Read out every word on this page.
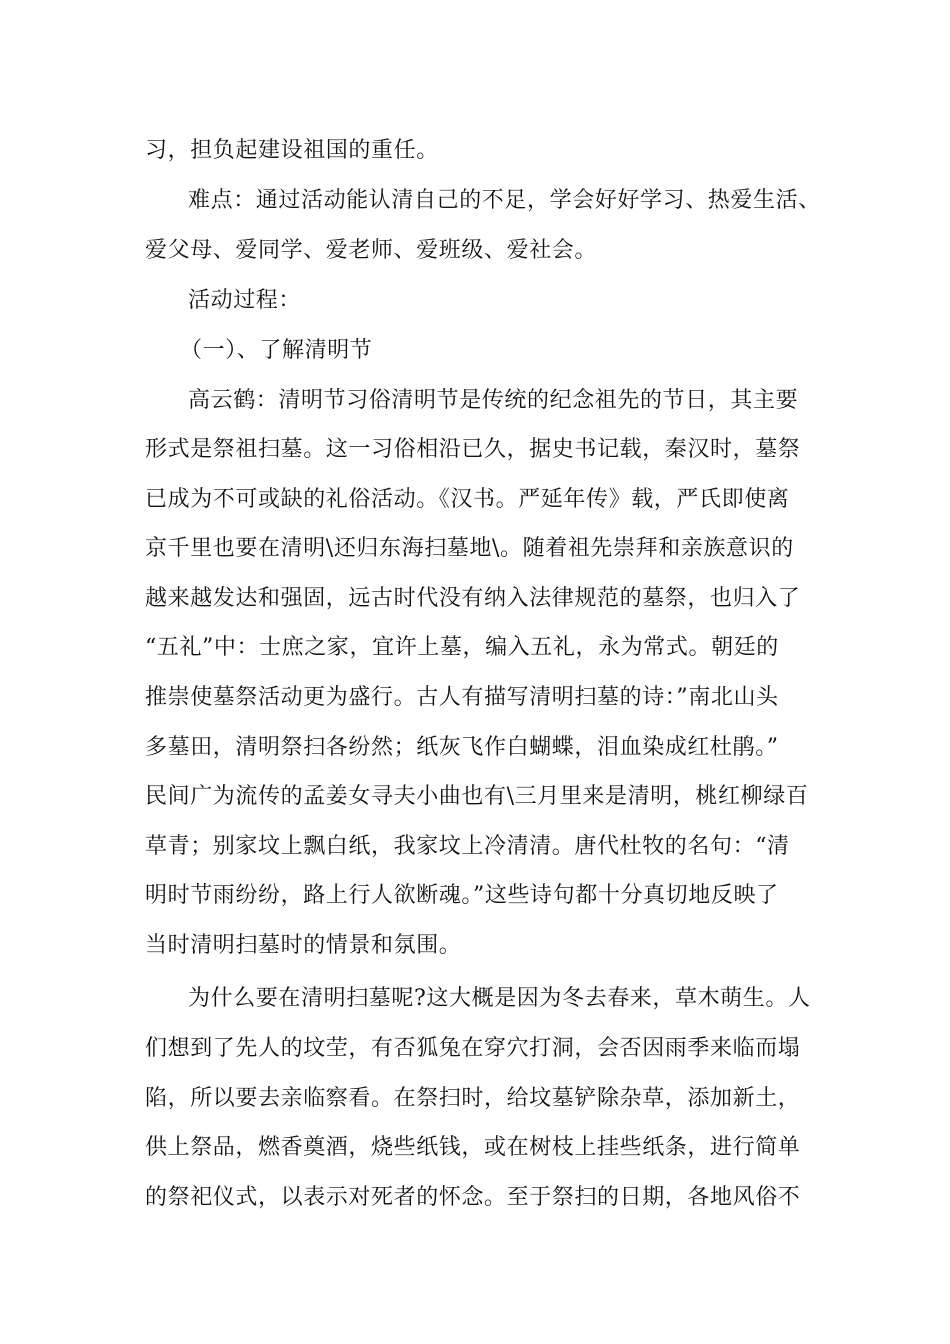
习，担负起建设祖国的重任。
难点：通过活动能认清自己的不足，学会好好学习、热爱生活、
爱父母、爱同学、爱老师、爱班级、爱社会。
活动过程：
（一）、了解清明节
高云鹤：清明节习俗清明节是传统的纪念祖先的节日，其主要
形式是祭祖扫墓。这一习俗相沿已久，据史书记载，秦汉时，墓祭
已成为不可或缺的礼俗活动。《汉书。严延年传》载，严氏即使离
京千里也要在清明\还归东海扫墓地\。随着祖先崇拜和亲族意识的
越来越发达和强固，远古时代没有纳入法律规范的墓祭，也归入了
“五礼”中：士庶之家，宜许上墓，编入五礼，永为常式。朝廷的
推崇使墓祭活动更为盛行。古人有描写清明扫墓的诗：”南北山头
多墓田，清明祭扫各纷然；纸灰飞作白蝴蝶，泪血染成红杜鹃。”
民间广为流传的孟姜女寻夫小曲也有\三月里来是清明，桃红柳绿百
草青；别家坟上飘白纸，我家坟上冷清清。唐代杜牧的名句：“清
明时节雨纷纷，路上行人欲断魂。”这些诗句都十分真切地反映了
当时清明扫墓时的情景和氛围。
为什么要在清明扫墓呢?这大概是因为冬去春来，草木萌生。人
们想到了先人的坟茔，有否狐兔在穿穴打洞，会否因雨季来临而塌
陷，所以要去亲临察看。在祭扫时，给坟墓铲除杂草，添加新土，
供上祭品，燃香奠酒，烧些纸钱，或在树枝上挂些纸条，进行简单
的祭祀仪式，以表示对死者的怀念。至于祭扫的日期，各地风俗不
